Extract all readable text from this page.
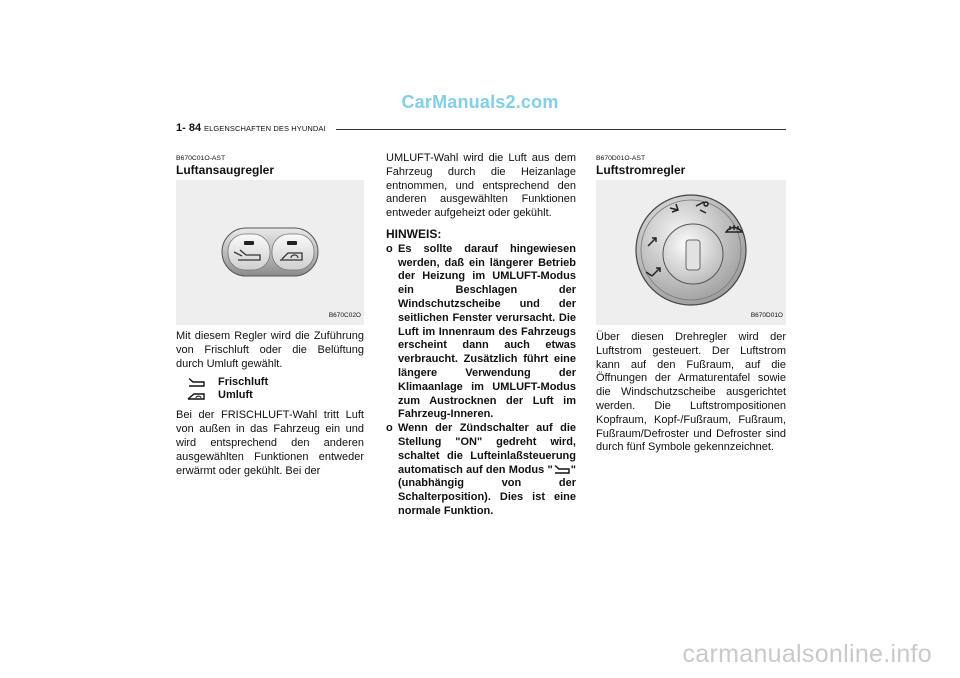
CarManuals2.com
1- 84 ELGENSCHAFTEN DES HYUNDAI
B670C01O-AST
Luftansaugregler
B670C02O

Mit diesem Regler wird die Zuführung von Frischluft oder die Belüftung durch Umluft gewählt.

Frischluft
Umluft

Bei der FRISCHLUFT-Wahl tritt Luft von außen in das Fahrzeug ein und wird entsprechend den anderen ausgewählten Funktionen entweder erwärmt oder gekühlt. Bei der

UMLUFT-Wahl wird die Luft aus dem Fahrzeug durch die Heizanlage entnommen, und entsprechend den anderen ausgewählten Funktionen entweder aufgeheizt oder gekühlt.

HINWEIS:
o Es sollte darauf hingewiesen werden, daß ein längerer Betrieb der Heizung im UMLUFT-Modus ein Beschlagen der Windschutzscheibe und der seitlichen Fenster verursacht. Die Luft im Innenraum des Fahrzeugs erscheint dann auch etwas verbraucht. Zusätzlich führt eine längere Verwendung der Klimaanlage im UMLUFT-Modus zum Austrocknen der Luft im Fahrzeug-Inneren.
o Wenn der Zündschalter auf die Stellung "ON" gedreht wird, schaltet die Lufteinlaßsteuerung automatisch auf den Modus " " (unabhängig von der Schalterposition). Dies ist eine normale Funktion.
B670D01O-AST
Luftstromregler
B670D01O

Über diesen Drehregler wird der Luftstrom gesteuert. Der Luftstrom kann auf den Fußraum, auf die Öffnungen der Armaturentafel sowie die Windschutzscheibe ausgerichtet werden. Die Luftstrompositionen Kopfraum, Kopf-/Fußraum, Fußraum, Fußraum/Defroster und Defroster sind durch fünf Symbole gekennzeichnet.

carmanualsonline.info
